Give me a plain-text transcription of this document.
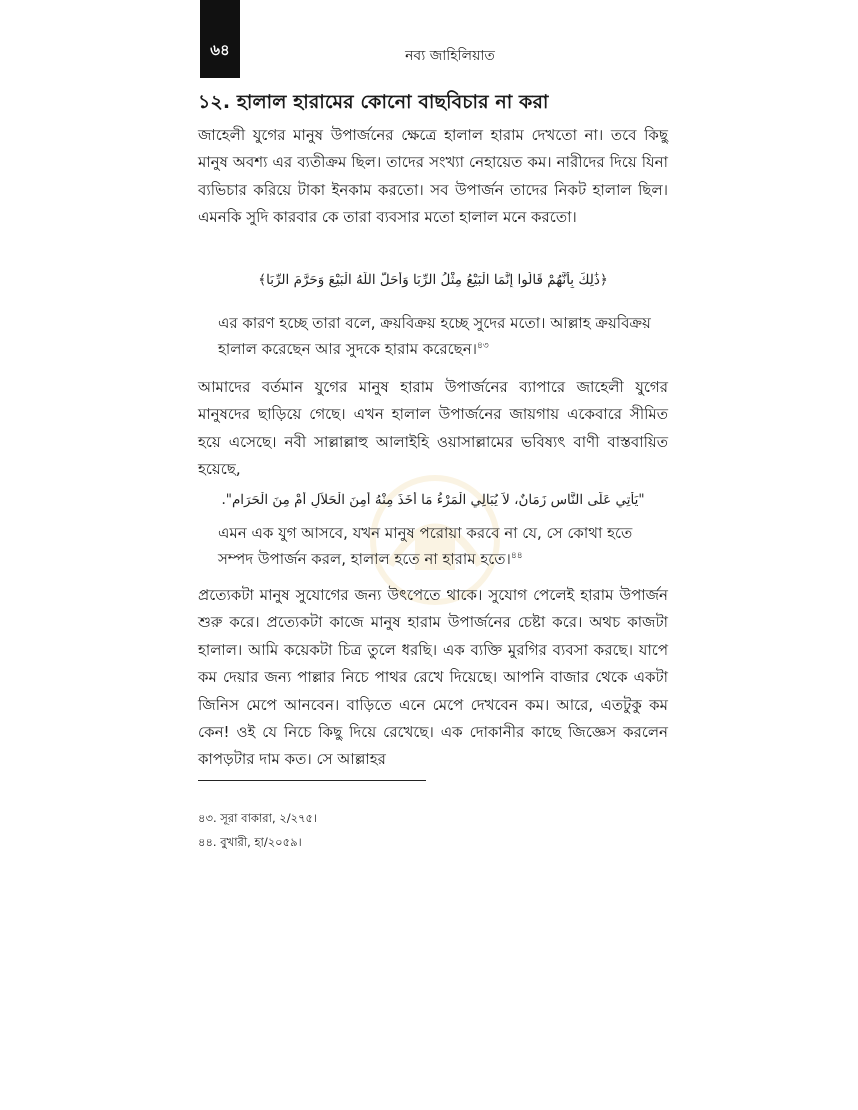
৬৪	নব্য জাহিলিয়াত
১২. হালাল হারামের কোনো বাছবিচার না করা

জাহেলী যুগের মানুষ উপার্জনের ক্ষেত্রে হালাল হারাম দেখতো না। তবে কিছু মানুষ অবশ্য এর ব্যতীক্রম ছিল। তাদের সংখ্যা নেহায়েত কম। নারীদের দিয়ে যিনা ব্যভিচার করিয়ে টাকা ইনকাম করতো। সব উপার্জন তাদের নিকট হালাল ছিল। এমনকি সুদি কারবার কে তারা ব্যবসার মতো হালাল মনে করতো।

﴿ذَٰلِكَ بِأَنَّهُمْ قَالُوا إِنَّمَا الْبَيْعُ مِثْلُ الرِّبَا وَأَحَلَّ اللَّهُ الْبَيْعَ وَحَرَّمَ الرِّبَا﴾

এর কারণ হচ্ছে তারা বলে, ক্রয়বিক্রয় হচ্ছে সুদের মতো। আল্লাহ ক্রয়বিক্রয় হালাল করেছেন আর সুদকে হারাম করেছেন।$^{৪৩}$

আমাদের বর্তমান যুগের মানুষ হারাম উপার্জনের ব্যাপারে জাহেলী যুগের মানুষদের ছাড়িয়ে গেছে। এখন হালাল উপার্জনের জায়গায় একেবারে সীমিত হয়ে এসেছে। নবী সাল্লাল্লাহু আলাইহি ওয়াসাল্লামের ভবিষ্যৎ বাণী বাস্তবায়িত হয়েছে,

"يَأْتِي عَلَى النَّاسِ زَمَانٌ، لاَ يُبَالِي الْمَرْءُ مَا أَخَذَ مِنْهُ أَمِنَ الْحَلاَلِ أَمْ مِنَ الْحَرَامِ".

এমন এক যুগ আসবে, যখন মানুষ পরোয়া করবে না যে, সে কোথা হতে সম্পদ উপার্জন করল, হালাল হতে না হারাম হতে।$^{৪৪}$

প্রত্যেকটা মানুষ সুযোগের জন্য উৎপেতে থাকে। সুযোগ পেলেই হারাম উপার্জন শুরু করে। প্রত্যেকটা কাজে মানুষ হারাম উপার্জনের চেষ্টা করে। অথচ কাজটা হালাল। আমি কয়েকটা চিত্র তুলে ধরছি। এক ব্যক্তি মুরগির ব্যবসা করছে। যাপে কম দেয়ার জন্য পাল্লার নিচে পাথর রেখে দিয়েছে। আপনি বাজার থেকে একটা জিনিস মেপে আনবেন। বাড়িতে এনে মেপে দেখবেন কম। আরে, এতটুকু কম কেন! ওই যে নিচে কিছু দিয়ে রেখেছে। এক দোকানীর কাছে জিজ্ঞেস করলেন কাপড়টার দাম কত। সে আল্লাহর

৪৩. সূরা বাকারা, ২/২৭৫।

৪৪. বুখারী, হা/২০৫৯।
